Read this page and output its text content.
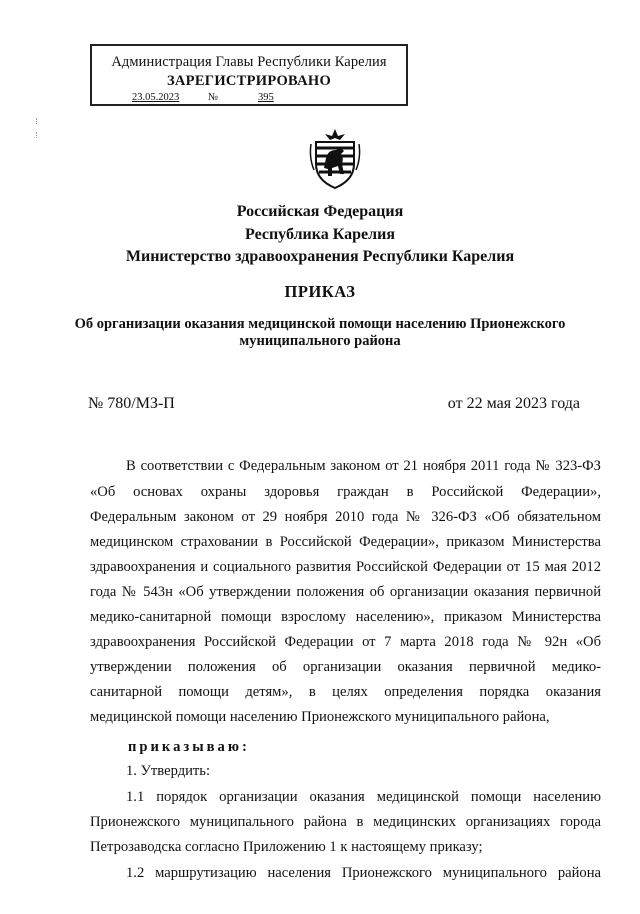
Администрация Главы Республики Карелия
ЗАРЕГИСТРИРОВАНО
23.05.2023	№	395
Российская Федерация
Республика Карелия
Министерство здравоохранения Республики Карелия
ПРИКАЗ
Об организации оказания медицинской помощи населению Прионежского
муниципального района
№ 780/МЗ-П	от 22 мая 2023 года
В соответствии с Федеральным законом от 21 ноября 2011 года № 323-ФЗ
«Об основах охраны здоровья граждан в Российской Федерации»,
Федеральным законом от 29 ноября 2010 года № 326-ФЗ «Об обязательном
медицинском страховании в Российской Федерации», приказом Министерства
здравоохранения и социального развития Российской Федерации от 15 мая 2012
года № 543н «Об утверждении положения об организации оказания первичной
медико-санитарной помощи взрослому населению», приказом Министерства
здравоохранения Российской Федерации от 7 марта 2018 года № 92н «Об
утверждении положения об организации оказания первичной медико-
санитарной помощи детям», в целях определения порядка оказания
медицинской помощи населению Прионежского муниципального района,
приказываю:
1. Утвердить:
1.1 порядок организации оказания медицинской помощи населению
Прионежского муниципального района в медицинских организациях города
Петрозаводска согласно Приложению 1 к настоящему приказу;
1.2 маршрутизацию населения Прионежского муниципального района
